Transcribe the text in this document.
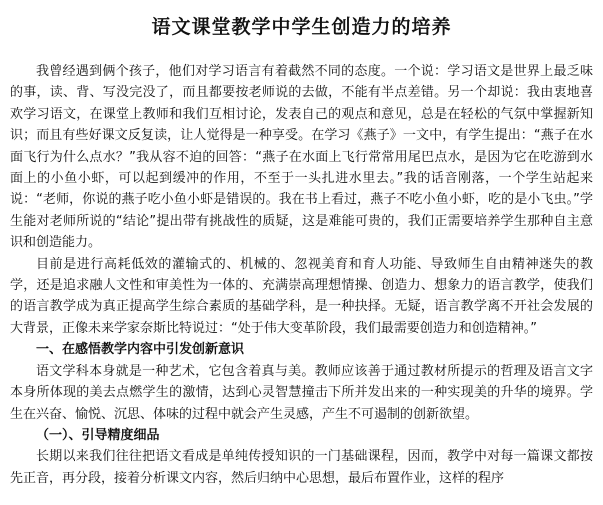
语文课堂教学中学生创造力的培养

我曾经遇到俩个孩子，他们对学习语言有着截然不同的态度。一个说：学习语文是世界上最乏味的事，读、背、写没完没了，而且都要按老师说的去做，不能有半点差错。另一个却说：我由衷地喜欢学习语文，在课堂上教师和我们互相讨论，发表自己的观点和意见，总是在轻松的气氛中掌握新知识；而且有些好课文反复读，让人觉得是一种享受。在学习《燕子》一文中，有学生提出：“燕子在水面飞行为什么点水？”我从容不迫的回答：“燕子在水面上飞行常常用尾巴点水，是因为它在吃游到水面上的小鱼小虾，可以起到缓冲的作用，不至于一头扎进水里去。”我的话音刚落，一个学生站起来说：“老师，你说的燕子吃小鱼小虾是错误的。我在书上看过，燕子不吃小鱼小虾，吃的是小飞虫。”学生能对老师所说的“结论”提出带有挑战性的质疑，这是难能可贵的，我们正需要培养学生那种自主意识和创造能力。

目前是进行高耗低效的灌输式的、机械的、忽视美育和育人功能、导致师生自由精神迷失的教学，还是追求融人文性和审美性为一体的、充满崇高理想情操、创造力、想象力的语言教学，使我们的语言教学成为真正提高学生综合素质的基础学科，是一种抉择。无疑，语言教学离不开社会发展的大背景，正像未来学家奈斯比特说过：“处于伟大变革阶段，我们最需要创造力和创造精神。”

一、在感悟教学内容中引发创新意识

语文学科本身就是一种艺术，它包含着真与美。教师应该善于通过教材所提示的哲理及语言文字本身所体现的美去点燃学生的激情，达到心灵智慧撞击下所并发出来的一种实现美的升华的境界。学生在兴奋、愉悦、沉思、体味的过程中就会产生灵感，产生不可遏制的创新欲望。

（一）、引导精度细品

长期以来我们往往把语文看成是单纯传授知识的一门基础课程，因而，教学中对每一篇课文都按先正音，再分段，接着分析课文内容，然后归纳中心思想，最后布置作业，这样的程序
